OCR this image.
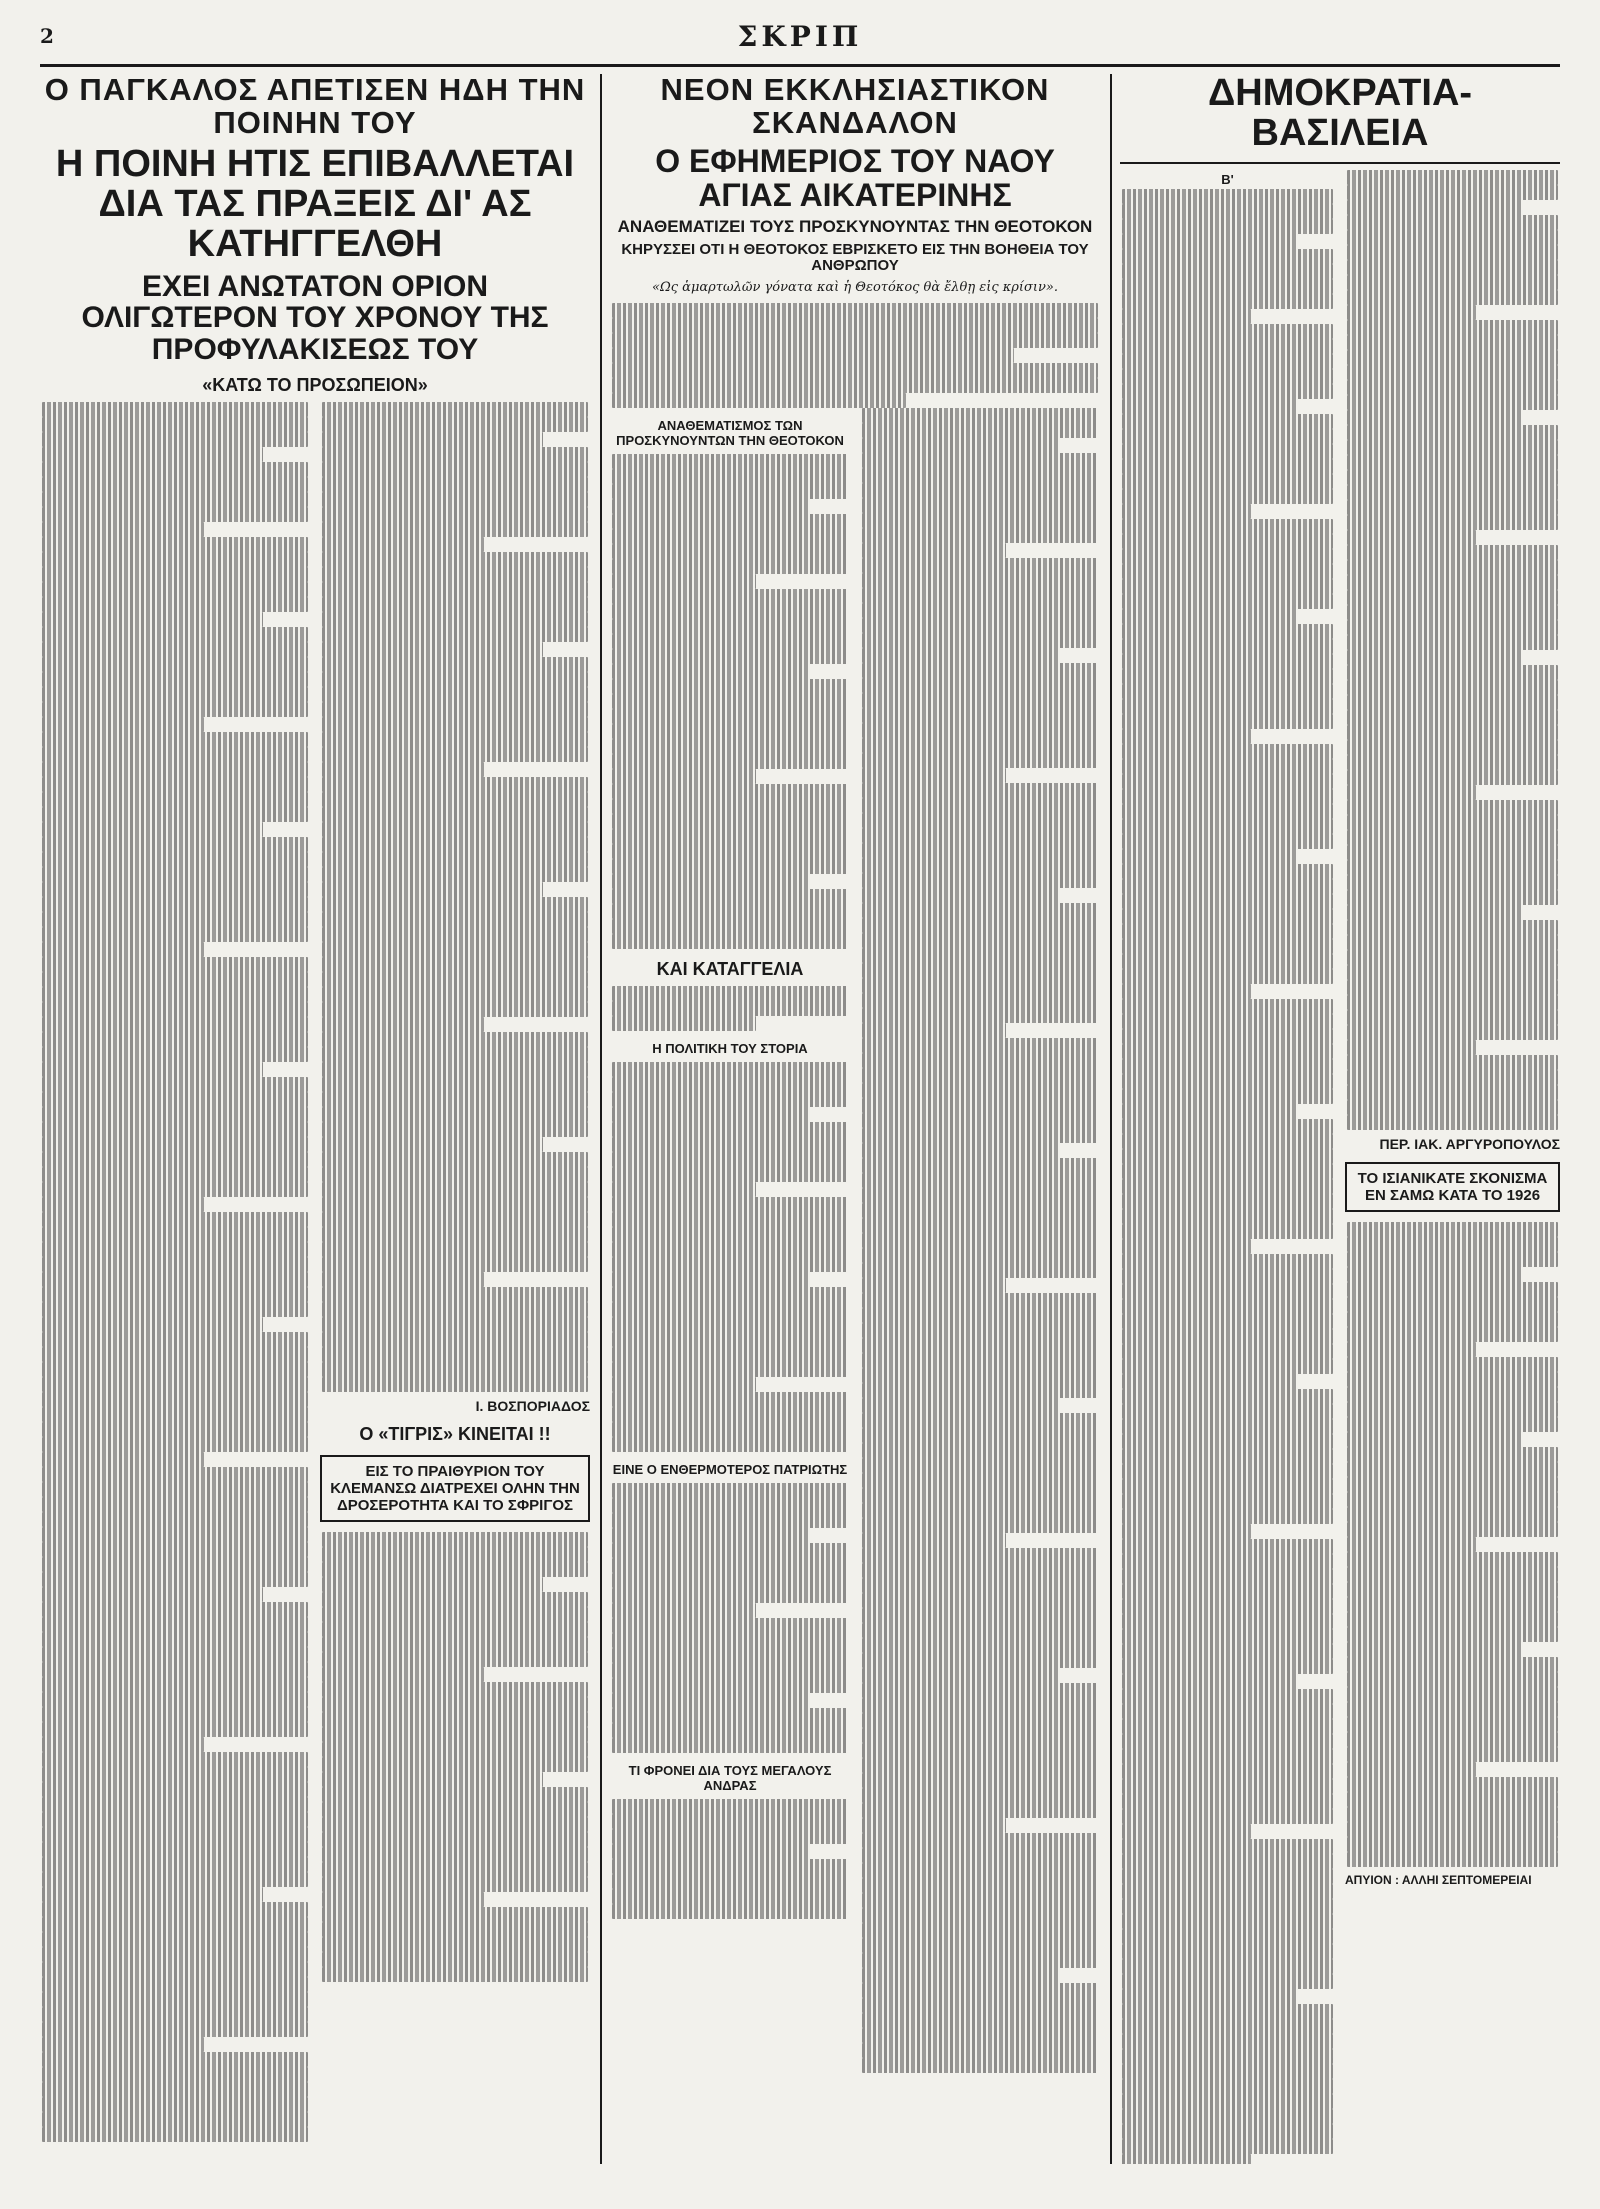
2	ΣΚΡΙΠ
Ο ΠΑΓΚΑΛΟΣ ΑΠΕΤΙΣΕΝ ΗΔΗ ΤΗΝ ΠΟΙΝΗΝ ΤΟΥ
Η ΠΟΙΝΗ ΗΤΙΣ ΕΠΙΒΑΛΛΕΤΑΙ ΔΙΑ ΤΑΣ ΠΡΑΞΕΙΣ ΔΙ' ΑΣ ΚΑΤΗΓΓΕΛΘΗ
ΕΧΕΙ ΑΝΩΤΑΤΟΝ ΟΡΙΟΝ ΟΛΙΓΩΤΕΡΟΝ ΤΟΥ ΧΡΟΝΟΥ ΤΗΣ ΠΡΟΦΥΛΑΚΙΣΕΩΣ ΤΟΥ
«ΚΑΤΩ ΤΟ ΠΡΟΣΩΠΕΙΟΝ»
Ι. ΒΟΣΠΟΡΙΑΔΟΣ
Ο «ΤΙΓΡΙΣ» ΚΙΝΕΙΤΑΙ !!
ΕΙΣ ΤΟ ΠΡΑΙΘΥΡΙΟΝ ΤΟΥ ΚΛΕΜΑΝΣΩ ΔΙΑΤΡΕΧΕΙ ΟΛΗΝ ΤΗΝ ΔΡΟΣΕΡΟΤΗΤΑ ΚΑΙ ΤΟ ΣΦΡΙΓΟΣ
ΝΕΟΝ ΕΚΚΛΗΣΙΑΣΤΙΚΟΝ ΣΚΑΝΔΑΛΟΝ
Ο ΕΦΗΜΕΡΙΟΣ ΤΟΥ ΝΑΟΥ ΑΓΙΑΣ ΑΙΚΑΤΕΡΙΝΗΣ
ΑΝΑΘΕΜΑΤΙΖΕΙ ΤΟΥΣ ΠΡΟΣΚΥΝΟΥΝΤΑΣ ΤΗΝ ΘΕΟΤΟΚΟΝ
ΚΗΡΥΣΣΕΙ ΟΤΙ Η ΘΕΟΤΟΚΟΣ ΕΒΡΙΣΚΕΤΟ ΕΙΣ ΤΗΝ ΒΟΗΘΕΙΑ ΤΟΥ ΑΝΘΡΩΠΟΥ
«Ως ἁμαρτωλῶν γόνατα καὶ ἡ Θεοτόκος θὰ ἔλθῃ εἰς κρίσιν».
ΑΝΑΘΕΜΑΤΙΣΜΟΣ ΤΩΝ ΠΡΟΣΚΥΝΟΥΝΤΩΝ ΤΗΝ ΘΕΟΤΟΚΟΝ
ΚΑΙ ΚΑΤΑΓΓΕΛΙΑ
Η ΠΟΛΙΤΙΚΗ ΤΟΥ ΣΤΟΡΙΑ
ΕΙΝΕ Ο ΕΝΘΕΡΜΟΤΕΡΟΣ ΠΑΤΡΙΩΤΗΣ
ΤΙ ΦΡΟΝΕΙ ΔΙΑ ΤΟΥΣ ΜΕΓΑΛΟΥΣ ΑΝΔΡΑΣ
ΔΗΜΟΚΡΑΤΙΑ-ΒΑΣΙΛΕΙΑ
Β'
ΠΕΡ. ΙΑΚ. ΑΡΓΥΡΟΠΟΥΛΟΣ
ΤΟ ΙΣΙΑΝΙΚΑΤΕ ΣΚΟΝΙΣΜΑ ΕΝ ΣΑΜΩ ΚΑΤΑ ΤΟ 1926
ΑΠΥΙΟΝ : ΑΛΛΗΙ ΣΕΠΤΟΜΕΡΕΙΑΙ
